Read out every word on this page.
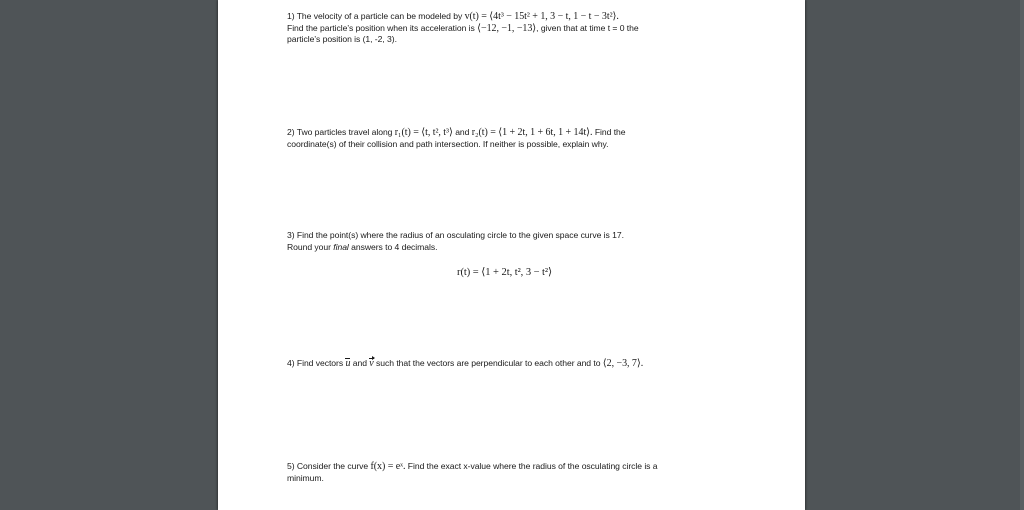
1) The velocity of a particle can be modeled by v(t) = ⟨4t³ − 15t² + 1, 3 − t, 1 − t − 3t²⟩.
Find the particle’s position when its acceleration is ⟨−12, −1, −13⟩, given that at time t = 0 the
particle’s position is (1, -2, 3).
2) Two particles travel along r₁(t) = ⟨t, t², t³⟩ and r₂(t) = ⟨1 + 2t, 1 + 6t, 1 + 14t⟩. Find the
coordinate(s) of their collision and path intersection. If neither is possible, explain why.
3) Find the point(s) where the radius of an osculating circle to the given space curve is 17.
Round your final answers to 4 decimals.
r(t) = ⟨1 + 2t, t², 3 − t²⟩
4) Find vectors u and v such that the vectors are perpendicular to each other and to ⟨2, −3, 7⟩.
5) Consider the curve f(x) = eˣ. Find the exact x-value where the radius of the osculating circle is a
minimum.
